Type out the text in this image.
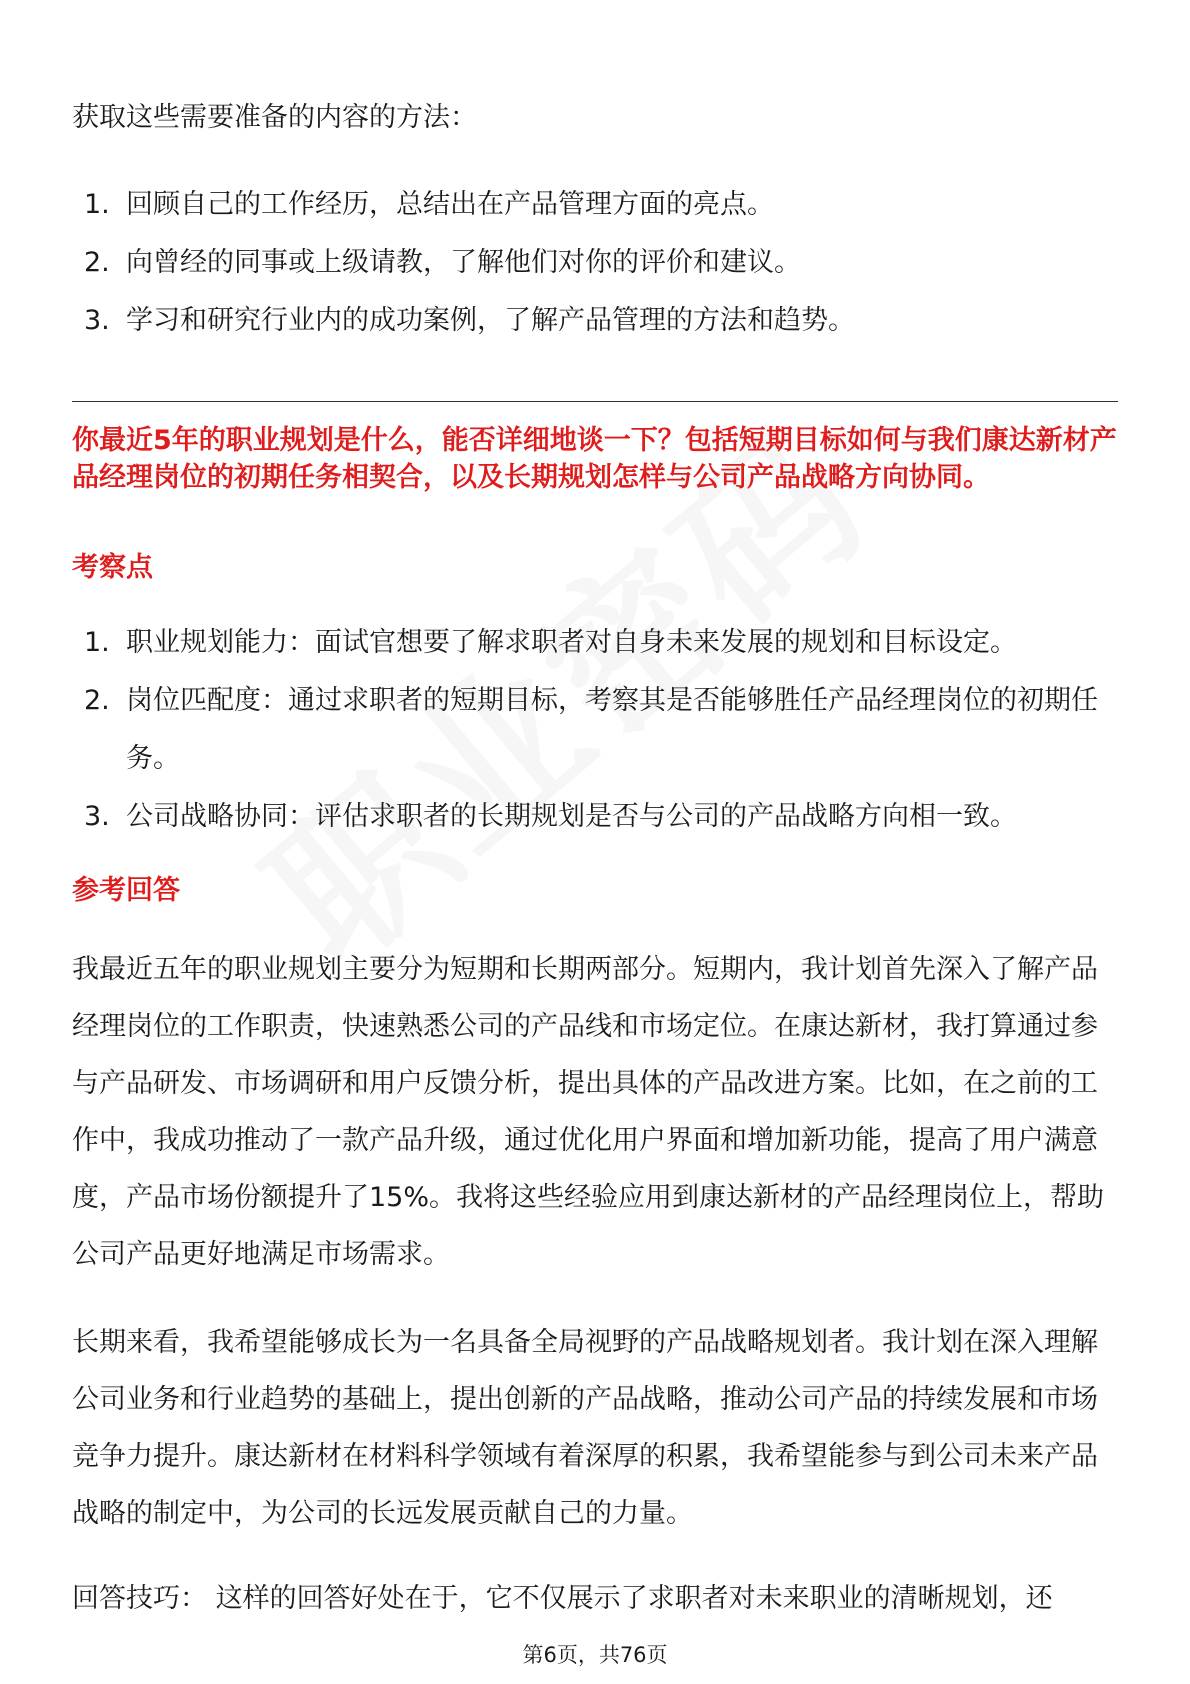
获取这些需要准备的内容的方法：

1. 回顾自己的工作经历，总结出在产品管理方面的亮点。
2. 向曾经的同事或上级请教，了解他们对你的评价和建议。
3. 学习和研究行业内的成功案例，了解产品管理的方法和趋势。

你最近5年的职业规划是什么，能否详细地谈一下？包括短期目标如何与我们康达新材产品经理岗位的初期任务相契合，以及长期规划怎样与公司产品战略方向协同。

考察点
1. 职业规划能力：面试官想要了解求职者对自身未来发展的规划和目标设定。
2. 岗位匹配度：通过求职者的短期目标，考察其是否能够胜任产品经理岗位的初期任务。
3. 公司战略协同：评估求职者的长期规划是否与公司的产品战略方向相一致。
参考回答

我最近五年的职业规划主要分为短期和长期两部分。短期内，我计划首先深入了解产品经理岗位的工作职责，快速熟悉公司的产品线和市场定位。在康达新材，我打算通过参与产品研发、市场调研和用户反馈分析，提出具体的产品改进方案。比如，在之前的工作中，我成功推动了一款产品升级，通过优化用户界面和增加新功能，提高了用户满意度，产品市场份额提升了15%。我将这些经验应用到康达新材的产品经理岗位上，帮助公司产品更好地满足市场需求。

长期来看，我希望能够成长为一名具备全局视野的产品战略规划者。我计划在深入理解公司业务和行业趋势的基础上，提出创新的产品战略，推动公司产品的持续发展和市场竞争力提升。康达新材在材料科学领域有着深厚的积累，我希望能参与到公司未来产品战略的制定中，为公司的长远发展贡献自己的力量。

回答技巧： 这样的回答好处在于，它不仅展示了求职者对未来职业的清晰规划，还

第6页，共76页
